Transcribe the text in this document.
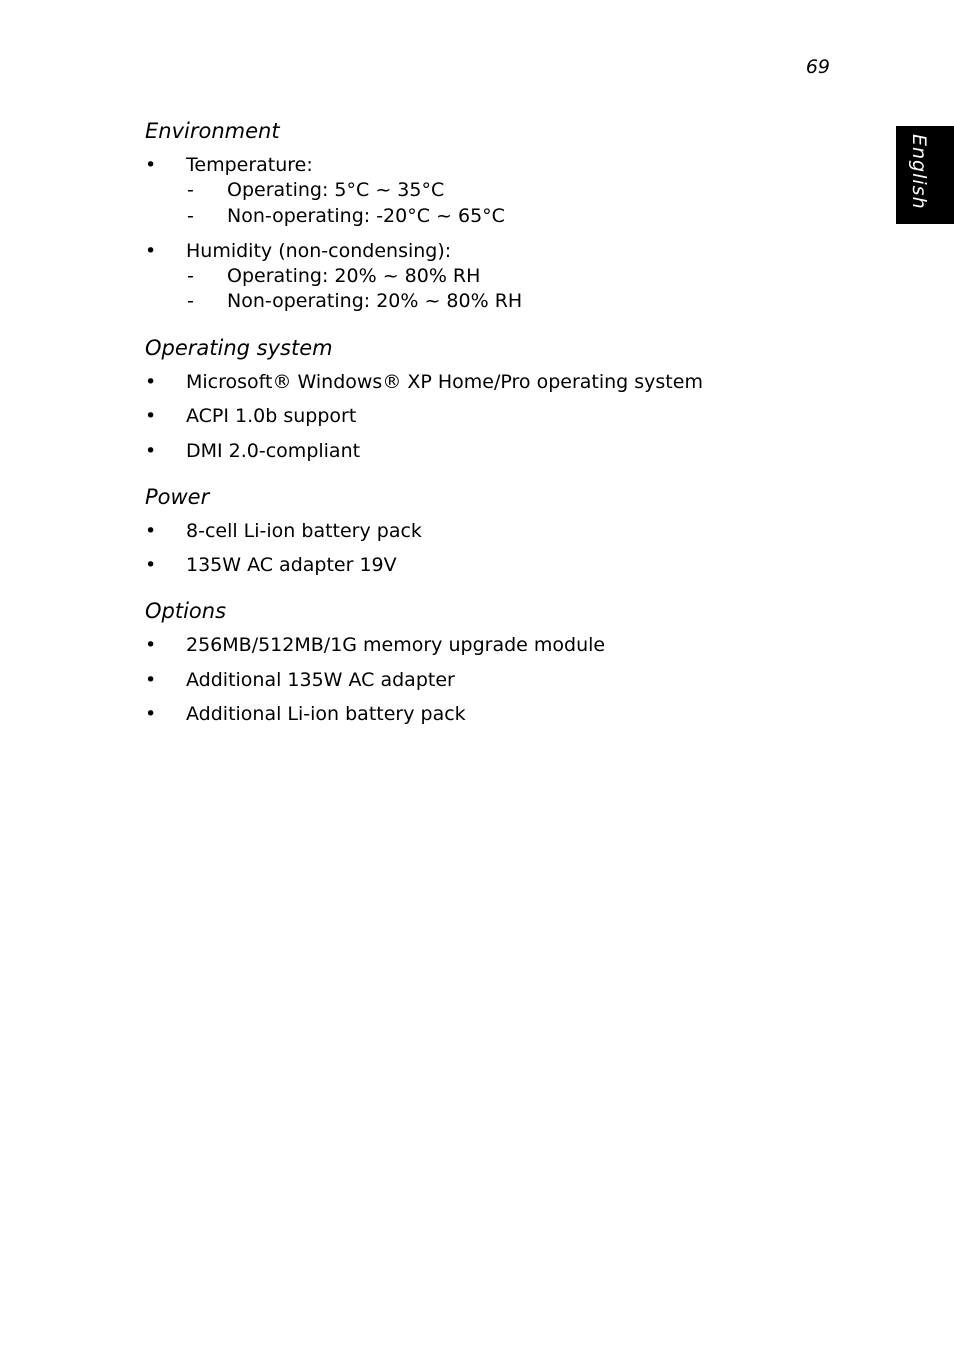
69
English
Environment
• Temperature:
- Operating: 5°C ~ 35°C
- Non-operating: -20°C ~ 65°C
• Humidity (non-condensing):
- Operating: 20% ~ 80% RH
- Non-operating: 20% ~ 80% RH
Operating system
• Microsoft® Windows® XP Home/Pro operating system
• ACPI 1.0b support
• DMI 2.0-compliant
Power
• 8-cell Li-ion battery pack
• 135W AC adapter 19V
Options
• 256MB/512MB/1G memory upgrade module
• Additional 135W AC adapter
• Additional Li-ion battery pack
